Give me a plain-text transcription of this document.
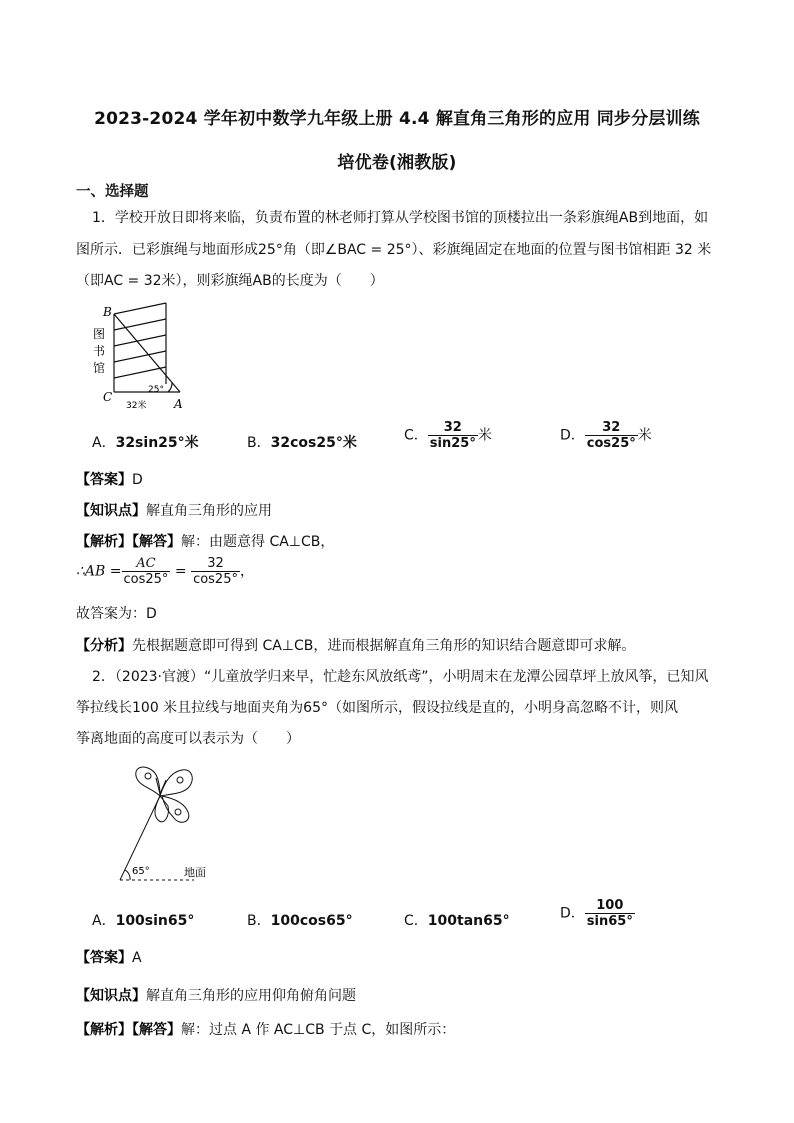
2023-2024 学年初中数学九年级上册 4.4 解直角三角形的应用 同步分层训练
培优卷(湘教版)
一、选择题
1．学校开放日即将来临，负责布置的林老师打算从学校图书馆的顶楼拉出一条彩旗绳AB到地面，如
图所示．已彩旗绳与地面形成25°角（即∠BAC = 25°）、彩旗绳固定在地面的位置与图书馆相距 32 米
（即AC = 32米），则彩旗绳AB的长度为（　　）
B
C	A
图
书
馆
25°
32米
A．32sin25°米	B．32cos25°米	C． $\frac{32}{\sin 25^\circ}$ 米	D． $\frac{32}{\cos 25^\circ}$ 米
【答案】D
【知识点】解直角三角形的应用
【解析】【解答】解：由题意得 CA⊥CB，
∴AB = $\frac{AC}{\cos 25^\circ} = \frac{32}{\cos 25^\circ}$ ，
故答案为：D
【分析】先根据题意即可得到 CA⊥CB，进而根据解直角三角形的知识结合题意即可求解。
2．（2023·官渡）“儿童放学归来早，忙趁东风放纸鸢”，小明周末在龙潭公园草坪上放风筝，已知风
筝拉线长100 米且拉线与地面夹角为65°（如图所示，假设拉线是直的，小明身高忽略不计，则风
筝离地面的高度可以表示为（　　）
65°	地面
A．100sin65°	B．100cos65°	C．100tan65°	D． $\frac{100}{\sin 65^\circ}$
【答案】A
【知识点】解直角三角形的应用仰角俯角问题
【解析】【解答】解：过点 A 作 AC⊥CB 于点 C，如图所示：
